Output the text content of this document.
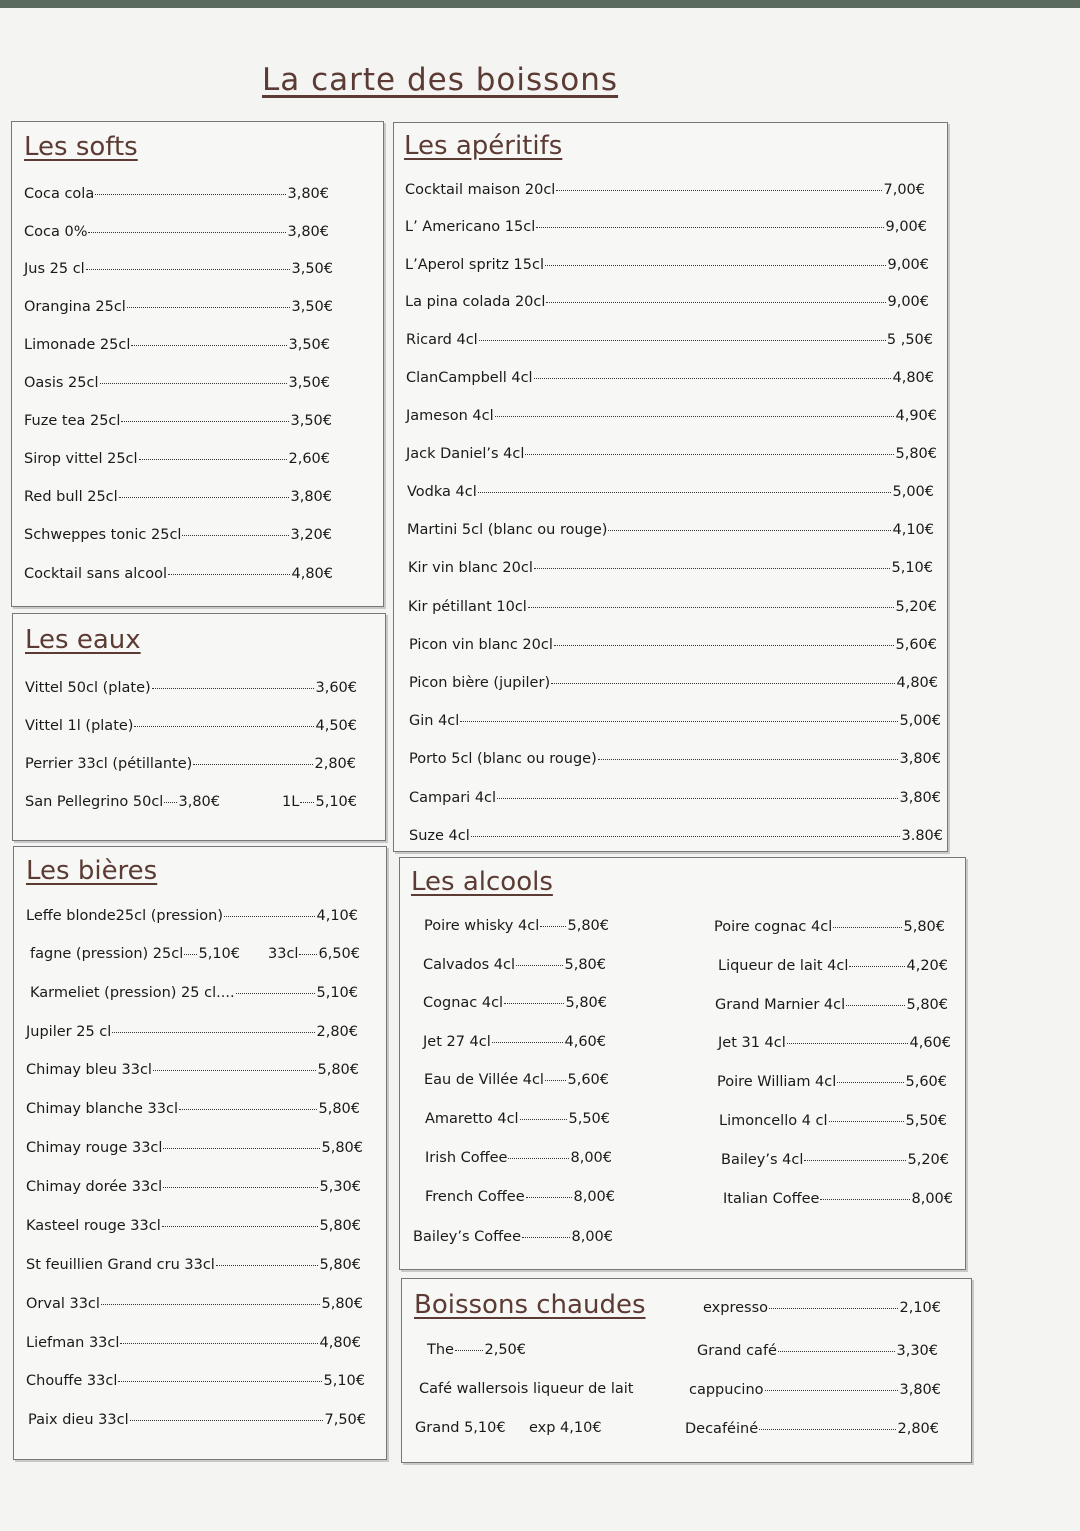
La carte des boissons
Les softs
Les eaux
Les bières
Les apéritifs
Les alcools
Boissons chaudes
Coca cola	3,80€
Coca 0%	3,80€
Jus 25 cl	3,50€
Orangina 25cl	3,50€
Limonade 25cl	3,50€
Oasis 25cl	3,50€
Fuze tea 25cl	3,50€
Sirop vittel 25cl	2,60€
Red bull 25cl	3,80€
Schweppes tonic 25cl	3,20€
Cocktail sans alcool	4,80€
Vittel 50cl (plate)	3,60€
Vittel 1l (plate)	4,50€
Perrier 33cl (pétillante)	2,80€
San Pellegrino 50cl 3,80€	1L 5,10€
Leffe blonde25cl (pression)	4,10€
fagne (pression) 25cl 5,10€ 33cl 6,50€
Karmeliet (pression) 25 cl....	5,10€
Jupiler 25 cl	2,80€
Chimay bleu 33cl	5,80€
Chimay blanche 33cl	5,80€
Chimay rouge 33cl	5,80€
Chimay dorée 33cl	5,30€
Kasteel rouge 33cl	5,80€
St feuillien Grand cru 33cl	5,80€
Orval 33cl	5,80€
Liefman 33cl	4,80€
Chouffe 33cl	5,10€
Paix dieu 33cl	7,50€
Cocktail maison 20cl	7,00€
L’ Americano 15cl	9,00€
L’Aperol spritz 15cl	9,00€
La pina colada 20cl	9,00€
Ricard 4cl	5 ,50€
ClanCampbell 4cl	4,80€
Jameson 4cl	4,90€
Jack Daniel’s 4cl	5,80€
Vodka 4cl	5,00€
Martini 5cl (blanc ou rouge)	4,10€
Kir vin blanc 20cl	5,10€
Kir pétillant 10cl	5,20€
Picon vin blanc 20cl	5,60€
Picon bière (jupiler)	4,80€
Gin 4cl	5,00€
Porto 5cl (blanc ou rouge)	3,80€
Campari 4cl	3,80€
Suze 4cl	3.80€
Poire whisky 4cl 5,80€
Calvados 4cl	5,80€
Cognac 4cl	5,80€
Jet 27 4cl	4,60€
Eau de Villée 4cl 5,60€
Amaretto 4cl	5,50€
Irish Coffee	8,00€
French Coffee	8,00€
Bailey’s Coffee	8,00€
Poire cognac 4cl	5,80€
Liqueur de lait 4cl	4,20€
Grand Marnier 4cl	5,80€
Jet 31 4cl	4,60€
Poire William 4cl	5,60€
Limoncello 4 cl	5,50€
Bailey’s 4cl	5,20€
Italian Coffee	8,00€
The 2,50€
Café wallersois liqueur de lait
Grand 5,10€ exp 4,10€
expresso	2,10€
Grand café	3,30€
cappucino	3,80€
Decaféiné	2,80€
